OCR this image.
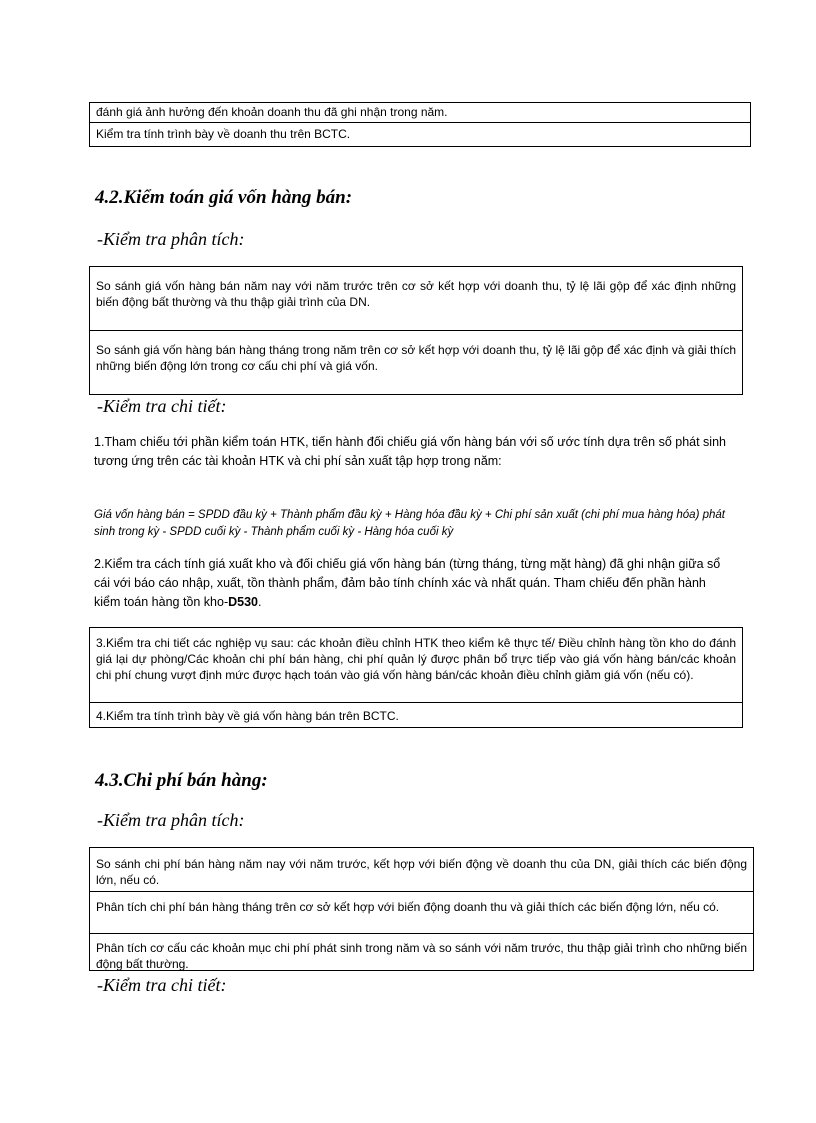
đánh giá ảnh hưởng đến khoản doanh thu đã ghi nhận trong năm.
Kiểm tra tính trình bày về doanh thu trên BCTC.
4.2.Kiểm toán giá vốn hàng bán:

-Kiểm tra phân tích:

So sánh giá vốn hàng bán năm nay với năm trước trên cơ sở kết hợp với doanh thu, tỷ lệ lãi gộp để xác định những biến động bất thường và thu thập giải trình của DN.
So sánh giá vốn hàng bán hàng tháng trong năm trên cơ sở kết hợp với doanh thu, tỷ lệ lãi gộp để xác định và giải thích những biến động lớn trong cơ cấu chi phí và giá vốn.

-Kiểm tra chi tiết:

1.Tham chiếu tới phần kiểm toán HTK, tiến hành đối chiếu giá vốn hàng bán với số ước tính dựa trên số phát sinh tương ứng trên các tài khoản HTK và chi phí sản xuất tập hợp trong năm:

Giá vốn hàng bán = SPDD đầu kỳ + Thành phẩm đầu kỳ + Hàng hóa đầu kỳ + Chi phí sản xuất (chi phí mua hàng hóa) phát sinh trong kỳ - SPDD cuối kỳ - Thành phẩm cuối kỳ - Hàng hóa cuối kỳ

2.Kiểm tra cách tính giá xuất kho và đối chiếu giá vốn hàng bán (từng tháng, từng mặt hàng) đã ghi nhận giữa sổ cái với báo cáo nhập, xuất, tồn thành phẩm, đảm bảo tính chính xác và nhất quán. Tham chiếu đến phần hành kiểm toán hàng tồn kho-D530.

3.Kiểm tra chi tiết các nghiệp vụ sau: các khoản điều chỉnh HTK theo kiểm kê thực tế/ Điều chỉnh hàng tồn kho do đánh giá lại dự phòng/Các khoản chi phí bán hàng, chi phí quản lý được phân bổ trực tiếp vào giá vốn hàng bán/các khoản chi phí chung vượt định mức được hạch toán vào giá vốn hàng bán/các khoản điều chỉnh giảm giá vốn (nếu có).
4.Kiểm tra tính trình bày về giá vốn hàng bán trên BCTC.
4.3.Chi phí bán hàng:

-Kiểm tra phân tích:

So sánh chi phí bán hàng năm nay với năm trước, kết hợp với biến động về doanh thu của DN, giải thích các biến động lớn, nếu có.
Phân tích chi phí bán hàng tháng trên cơ sở kết hợp với biến động doanh thu và giải thích các biến động lớn, nếu có.
Phân tích cơ cấu các khoản mục chi phí phát sinh trong năm và so sánh với năm trước, thu thập giải trình cho những biến động bất thường.

-Kiểm tra chi tiết:
